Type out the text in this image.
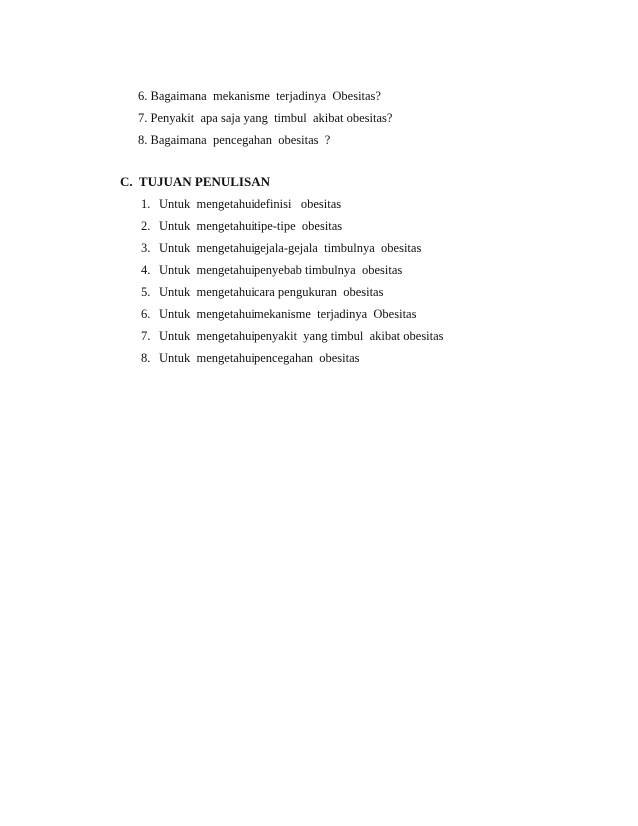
6. Bagaimana  mekanisme  terjadinya  Obesitas?
7. Penyakit  apa saja yang  timbul  akibat obesitas?
8. Bagaimana  pencegahan  obesitas  ?
C.  TUJUAN PENULISAN
1. Untuk  mengetahui definisi   obesitas
2. Untuk  mengetahui tipe-tipe  obesitas
3. Untuk  mengetahui gejala-gejala  timbulnya  obesitas
4. Untuk  mengetahui penyebab timbulnya  obesitas
5. Untuk  mengetahui cara pengukuran  obesitas
6. Untuk  mengetahui mekanisme  terjadinya  Obesitas
7. Untuk  mengetahui penyakit  yang timbul  akibat obesitas
8. Untuk  mengetahui pencegahan  obesitas
